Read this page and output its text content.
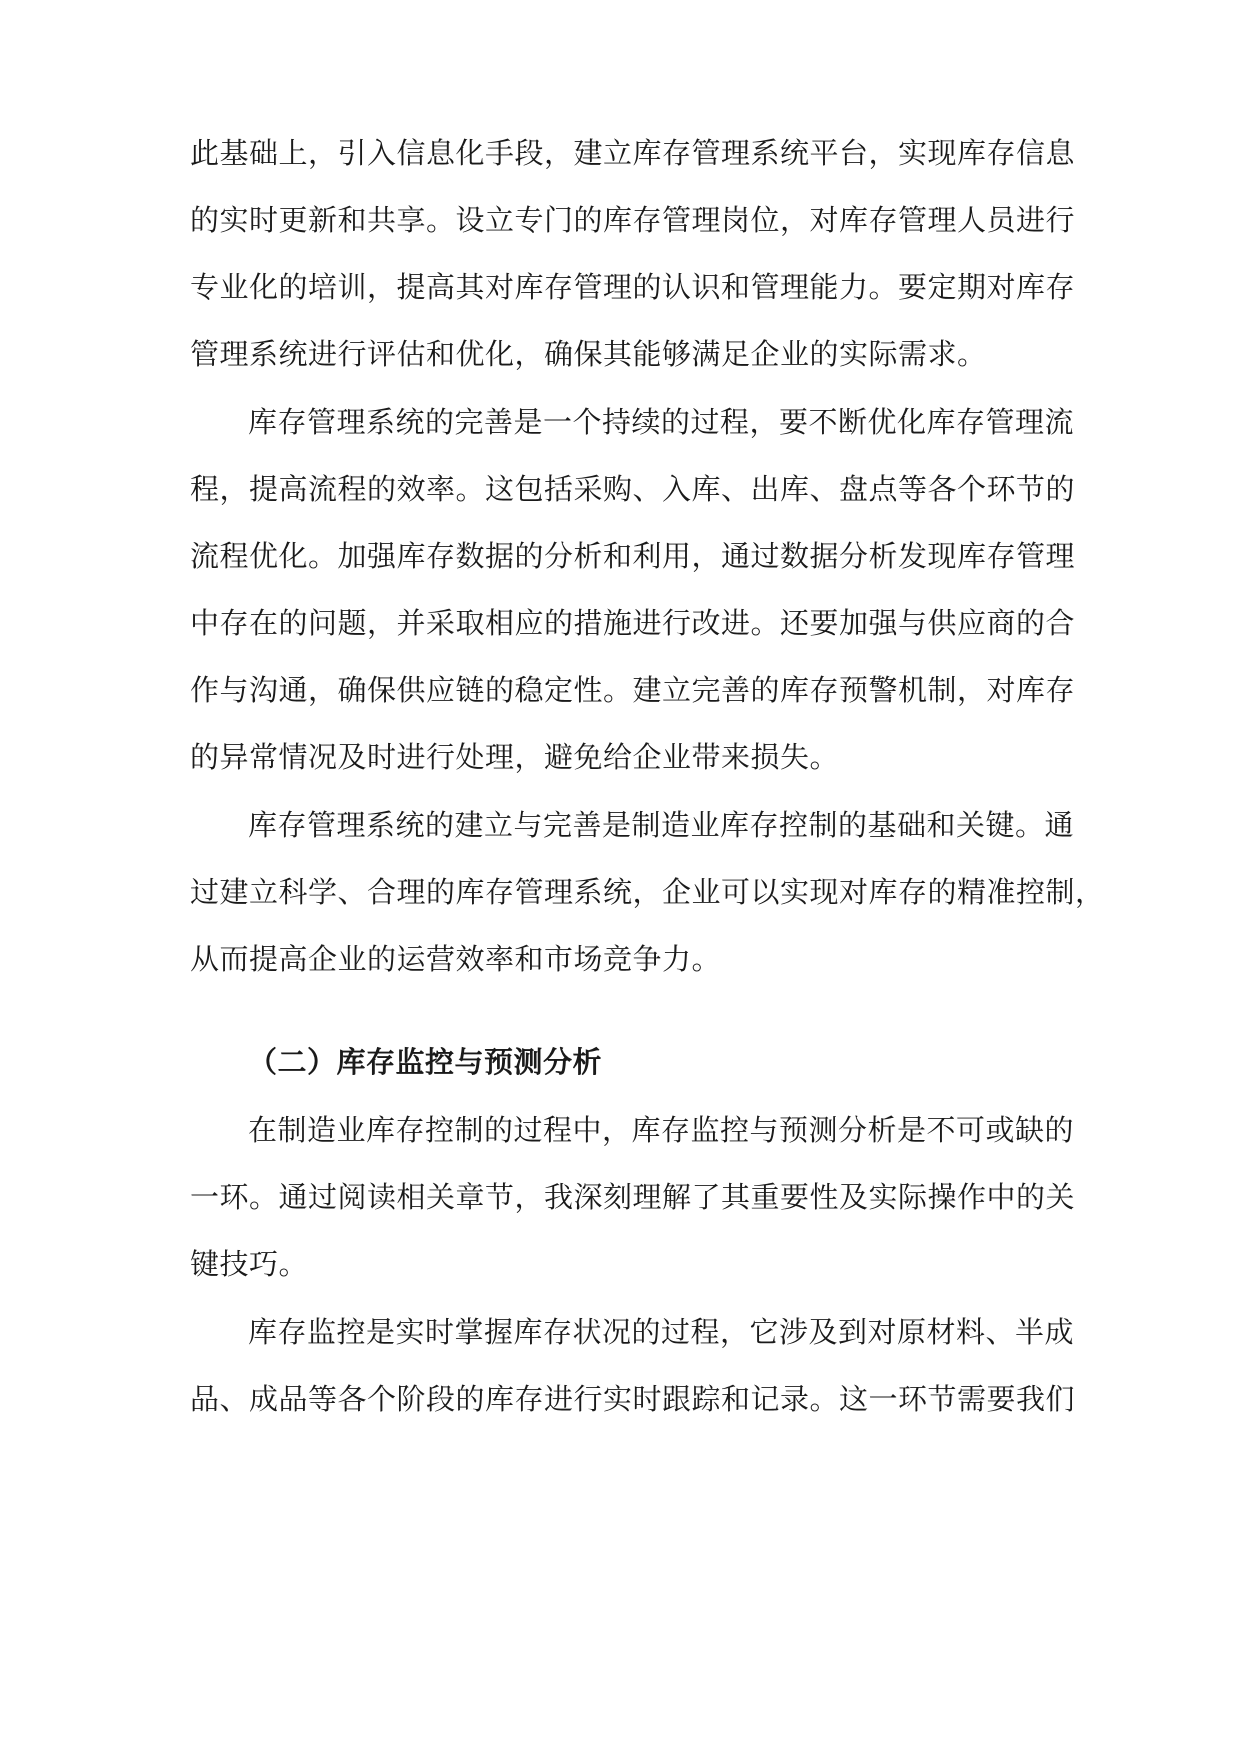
此基础上，引入信息化手段，建立库存管理系统平台，实现库存信息
的实时更新和共享。设立专门的库存管理岗位，对库存管理人员进行
专业化的培训，提高其对库存管理的认识和管理能力。要定期对库存
管理系统进行评估和优化，确保其能够满足企业的实际需求。
库存管理系统的完善是一个持续的过程，要不断优化库存管理流
程，提高流程的效率。这包括采购、入库、出库、盘点等各个环节的
流程优化。加强库存数据的分析和利用，通过数据分析发现库存管理
中存在的问题，并采取相应的措施进行改进。还要加强与供应商的合
作与沟通，确保供应链的稳定性。建立完善的库存预警机制，对库存
的异常情况及时进行处理，避免给企业带来损失。
库存管理系统的建立与完善是制造业库存控制的基础和关键。通
过建立科学、合理的库存管理系统，企业可以实现对库存的精准控制，
从而提高企业的运营效率和市场竞争力。
（二）库存监控与预测分析
在制造业库存控制的过程中，库存监控与预测分析是不可或缺的
一环。通过阅读相关章节，我深刻理解了其重要性及实际操作中的关
键技巧。
库存监控是实时掌握库存状况的过程，它涉及到对原材料、半成
品、成品等各个阶段的库存进行实时跟踪和记录。这一环节需要我们
